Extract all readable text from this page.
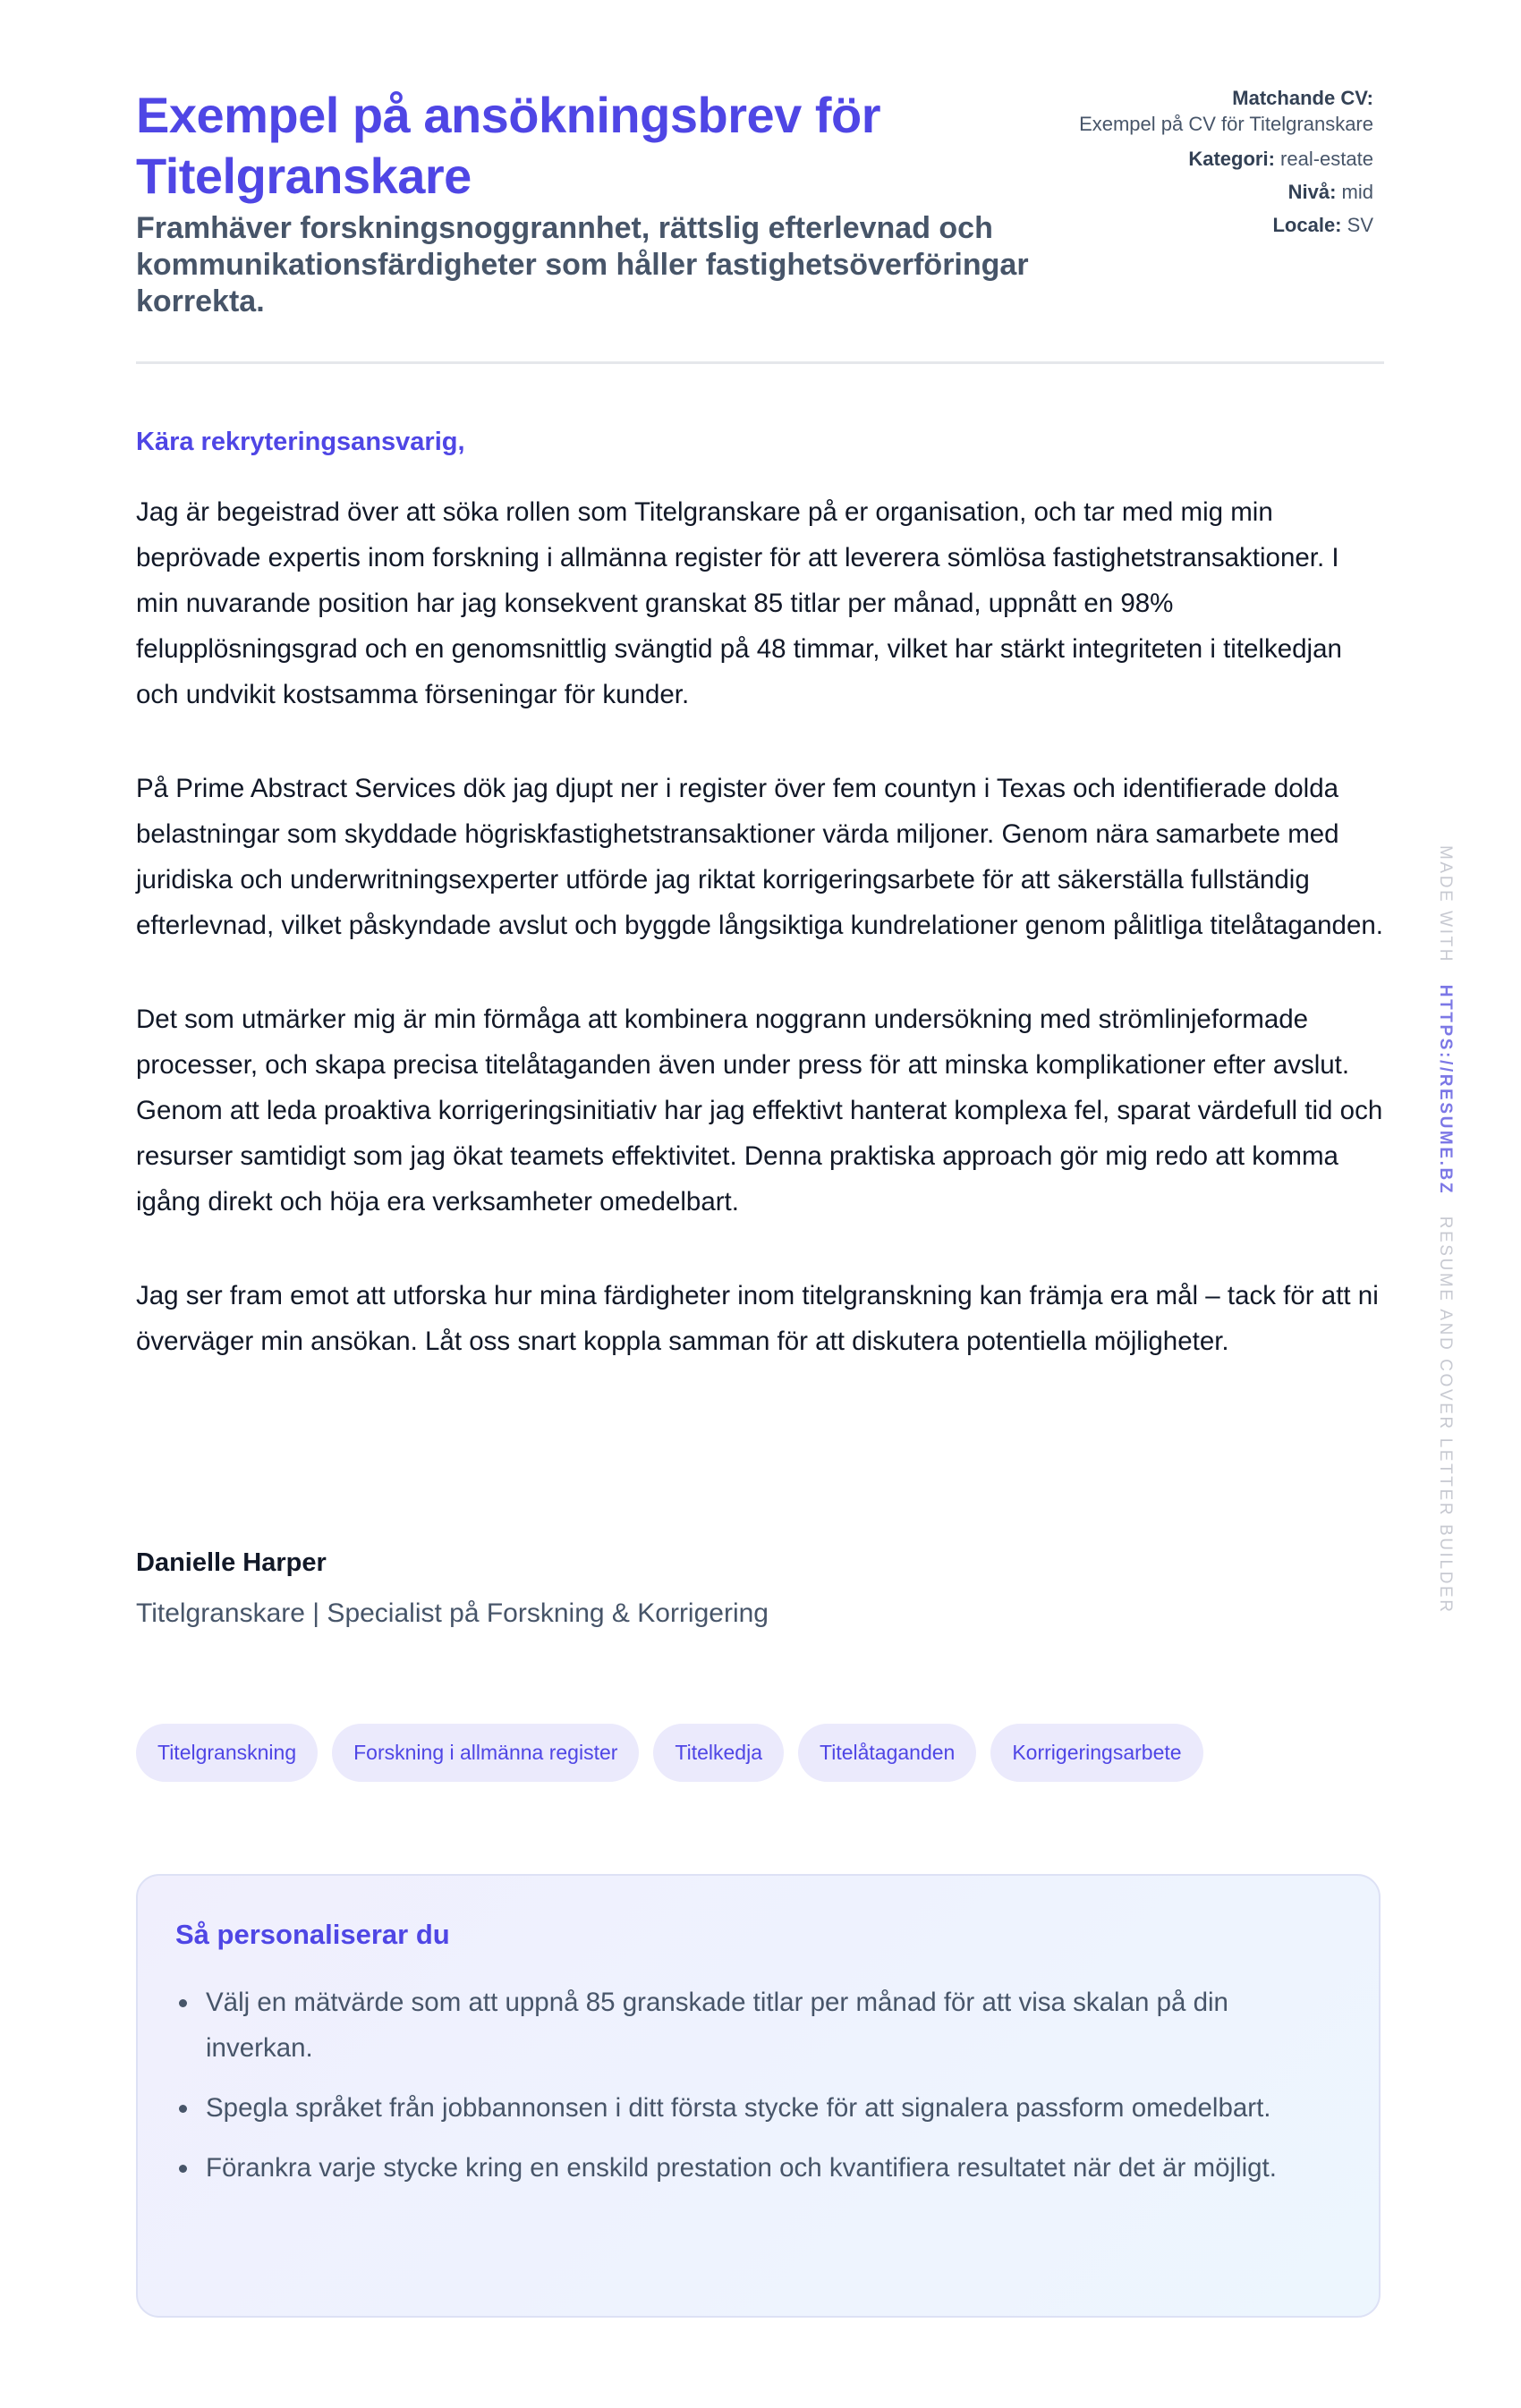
Exempel på ansökningsbrev för Titelgranskare

Framhäver forskningsnoggrannhet, rättslig efterlevnad och kommunikationsfärdigheter som håller fastighetsöverföringar korrekta.

Matchande CV:
Exempel på CV för Titelgranskare
Kategori: real-estate
Nivå: mid
Locale: SV

Kära rekryteringsansvarig,

Jag är begeistrad över att söka rollen som Titelgranskare på er organisation, och tar med mig min beprövade expertis inom forskning i allmänna register för att leverera sömlösa fastighetstransaktioner. I min nuvarande position har jag konsekvent granskat 85 titlar per månad, uppnått en 98% felupplösningsgrad och en genomsnittlig svängtid på 48 timmar, vilket har stärkt integriteten i titelkedjan och undvikit kostsamma förseningar för kunder.

På Prime Abstract Services dök jag djupt ner i register över fem countyn i Texas och identifierade dolda belastningar som skyddade högriskfastighetstransaktioner värda miljoner. Genom nära samarbete med juridiska och underwritningsexperter utförde jag riktat korrigeringsarbete för att säkerställa fullständig efterlevnad, vilket påskyndade avslut och byggde långsiktiga kundrelationer genom pålitliga titelåtaganden.

Det som utmärker mig är min förmåga att kombinera noggrann undersökning med strömlinjeformade processer, och skapa precisa titelåtaganden även under press för att minska komplikationer efter avslut. Genom att leda proaktiva korrigeringsinitiativ har jag effektivt hanterat komplexa fel, sparat värdefull tid och resurser samtidigt som jag ökat teamets effektivitet. Denna praktiska approach gör mig redo att komma igång direkt och höja era verksamheter omedelbart.

Jag ser fram emot att utforska hur mina färdigheter inom titelgranskning kan främja era mål – tack för att ni överväger min ansökan. Låt oss snart koppla samman för att diskutera potentiella möjligheter.

Danielle Harper

Titelgranskare | Specialist på Forskning & Korrigering

Titelgranskning	Forskning i allmänna register	Titelkedja	Titelåtaganden	Korrigeringsarbete
Så personaliserar du
Välj en mätvärde som att uppnå 85 granskade titlar per månad för att visa skalan på din inverkan.
Spegla språket från jobbannonsen i ditt första stycke för att signalera passform omedelbart.
Förankra varje stycke kring en enskild prestation och kvantifiera resultatet när det är möjligt.
MADE WITH   HTTPS://RESUME.BZ   RESUME AND COVER LETTER BUILDER
